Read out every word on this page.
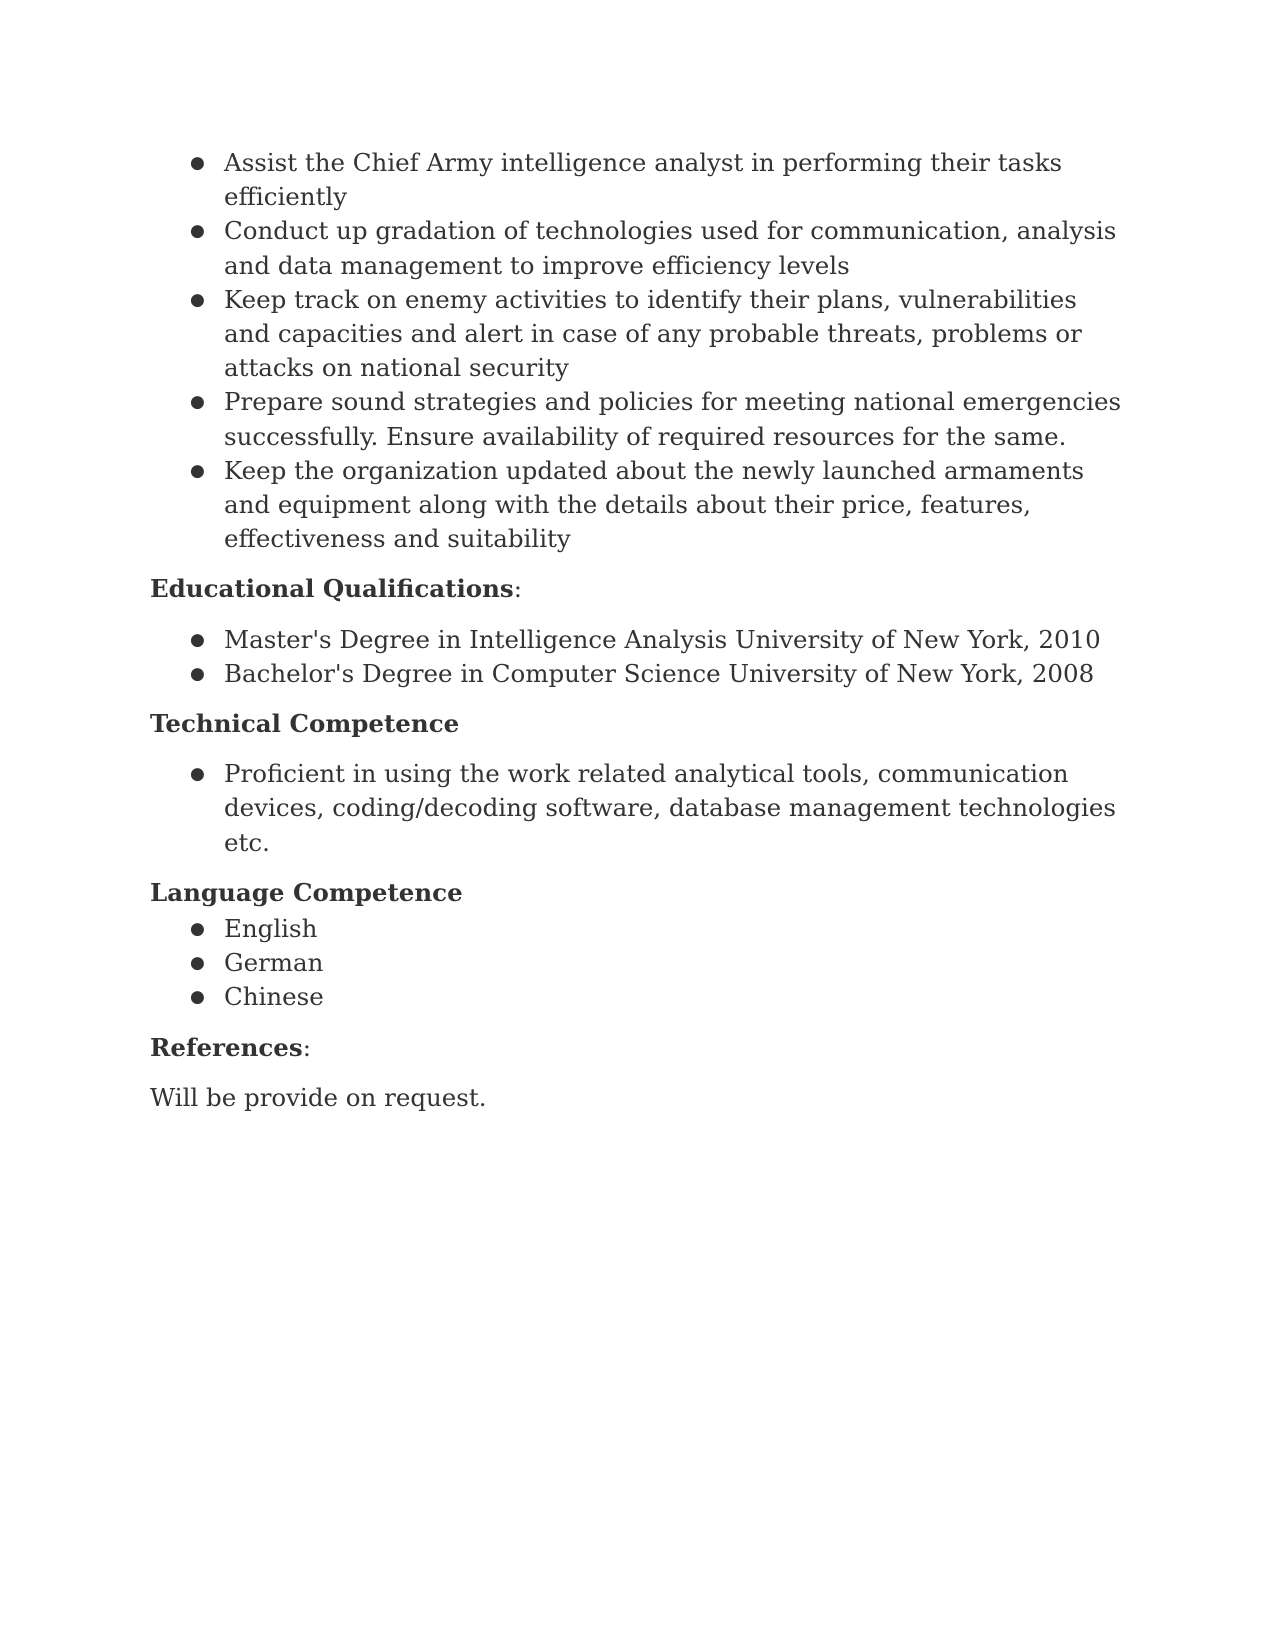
● Assist the Chief Army intelligence analyst in performing their tasks efficiently
● Conduct up gradation of technologies used for communication, analysis and data management to improve efficiency levels
● Keep track on enemy activities to identify their plans, vulnerabilities and capacities and alert in case of any probable threats, problems or attacks on national security
● Prepare sound strategies and policies for meeting national emergencies successfully. Ensure availability of required resources for the same.
● Keep the organization updated about the newly launched armaments and equipment along with the details about their price, features, effectiveness and suitability
Educational Qualifications:
● Master's Degree in Intelligence Analysis University of New York, 2010
● Bachelor's Degree in Computer Science University of New York, 2008
Technical Competence
● Proficient in using the work related analytical tools, communication devices, coding/decoding software, database management technologies etc.
Language Competence
● English
● German
● Chinese
References:

Will be provide on request.
